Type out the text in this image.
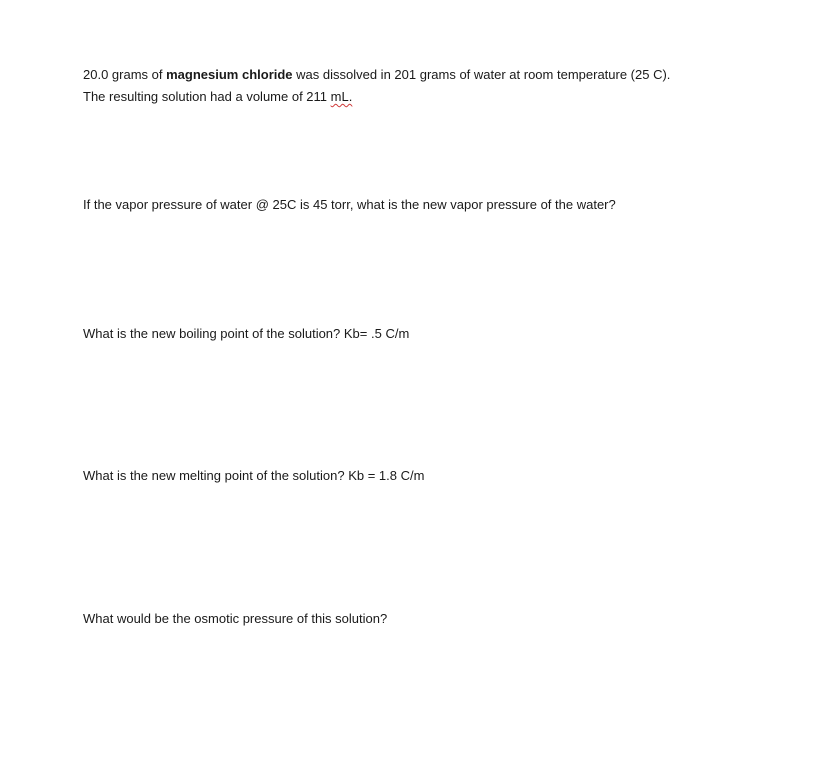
20.0 grams of magnesium chloride was dissolved in 201 grams of water at room temperature (25 C).
The resulting solution had a volume of 211 mL.

If the vapor pressure of water @ 25C is 45 torr, what is the new vapor pressure of the water?

What is the new boiling point of the solution? Kb= .5 C/m

What is the new melting point of the solution? Kb = 1.8 C/m

What would be the osmotic pressure of this solution?
